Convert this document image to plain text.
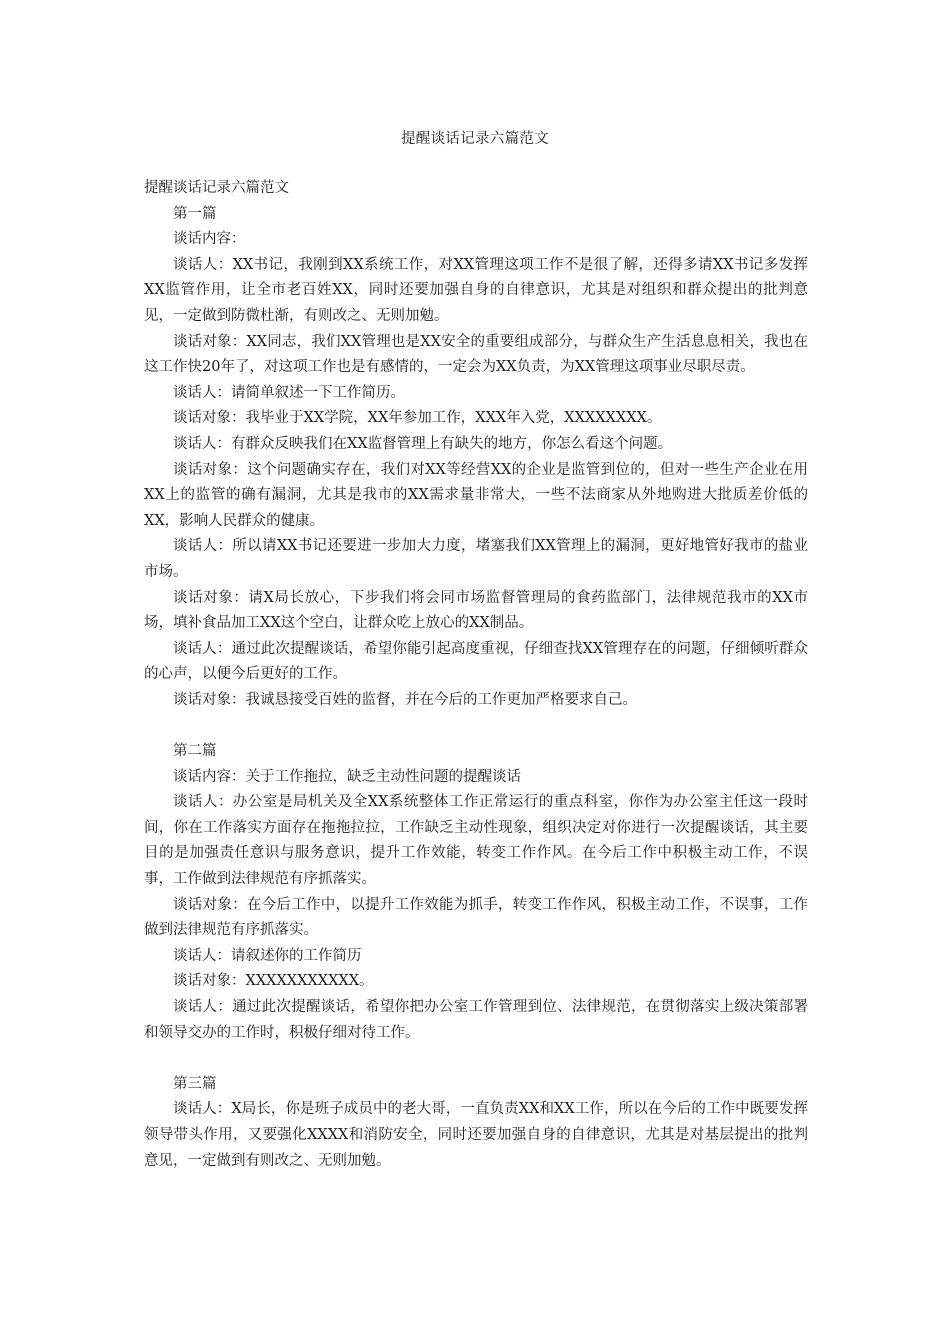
提醒谈话记录六篇范文

提醒谈话记录六篇范文

第一篇

谈话内容：

谈话人：XX书记，我刚到XX系统工作，对XX管理这项工作不是很了解，还得多请XX书记多发挥XX监管作用，让全市老百姓XX，同时还要加强自身的自律意识，尤其是对组织和群众提出的批判意见，一定做到防微杜渐，有则改之、无则加勉。

谈话对象：XX同志，我们XX管理也是XX安全的重要组成部分，与群众生产生活息息相关，我也在这工作快20年了，对这项工作也是有感情的，一定会为XX负责，为XX管理这项事业尽职尽责。

谈话人：请简单叙述一下工作简历。

谈话对象：我毕业于XX学院，XX年参加工作，XXX年入党，XXXXXXXX。

谈话人：有群众反映我们在XX监督管理上有缺失的地方，你怎么看这个问题。

谈话对象：这个问题确实存在，我们对XX等经营XX的企业是监管到位的，但对一些生产企业在用XX上的监管的确有漏洞，尤其是我市的XX需求量非常大，一些不法商家从外地购进大批质差价低的XX，影响人民群众的健康。

谈话人：所以请XX书记还要进一步加大力度，堵塞我们XX管理上的漏洞，更好地管好我市的盐业市场。

谈话对象：请X局长放心，下步我们将会同市场监督管理局的食药监部门，法律规范我市的XX市场，填补食品加工XX这个空白，让群众吃上放心的XX制品。

谈话人：通过此次提醒谈话，希望你能引起高度重视，仔细查找XX管理存在的问题，仔细倾听群众的心声，以便今后更好的工作。

谈话对象：我诚恳接受百姓的监督，并在今后的工作更加严格要求自己。

第二篇

谈话内容：关于工作拖拉，缺乏主动性问题的提醒谈话

谈话人：办公室是局机关及全XX系统整体工作正常运行的重点科室，你作为办公室主任这一段时间，你在工作落实方面存在拖拖拉拉，工作缺乏主动性现象，组织决定对你进行一次提醒谈话，其主要目的是加强责任意识与服务意识，提升工作效能，转变工作作风。在今后工作中积极主动工作，不误事，工作做到法律规范有序抓落实。

谈话对象：在今后工作中，以提升工作效能为抓手，转变工作作风，积极主动工作，不误事，工作做到法律规范有序抓落实。

谈话人：请叙述你的工作简历

谈话对象：XXXXXXXXXXX。

谈话人：通过此次提醒谈话，希望你把办公室工作管理到位、法律规范，在贯彻落实上级决策部署和领导交办的工作时，积极仔细对待工作。

第三篇

谈话人：X局长，你是班子成员中的老大哥，一直负责XX和XX工作，所以在今后的工作中既要发挥领导带头作用，又要强化XXXX和消防安全，同时还要加强自身的自律意识，尤其是对基层提出的批判意见，一定做到有则改之、无则加勉。
